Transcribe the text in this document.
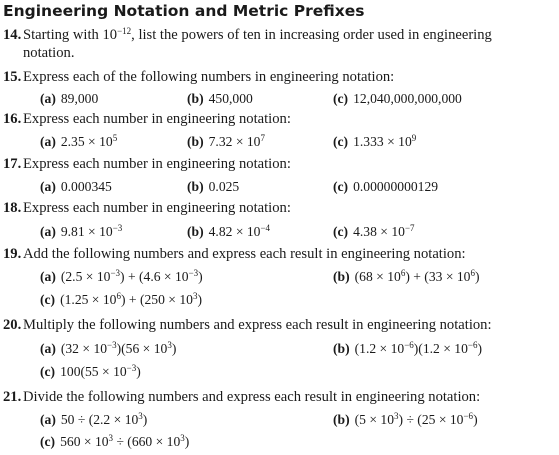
Engineering Notation and Metric Prefixes
14. Starting with $10^{-12}$, list the powers of ten in increasing order used in engineering
notation.
15. Express each of the following numbers in engineering notation:
(a) 89,000	(b) 450,000	(c) 12,040,000,000,000
16. Express each number in engineering notation:
(a) $2.35 \times 10^5$	(b) $7.32 \times 10^7$	(c) $1.333 \times 10^9$
17. Express each number in engineering notation:
(a) 0.000345	(b) 0.025	(c) 0.00000000129
18. Express each number in engineering notation:
(a) $9.81 \times 10^{-3}$	(b) $4.82 \times 10^{-4}$	(c) $4.38 \times 10^{-7}$
19. Add the following numbers and express each result in engineering notation:
(a) $(2.5 \times 10^{-3}) + (4.6 \times 10^{-3})$	(b) $(68 \times 10^6) + (33 \times 10^6)$
(c) $(1.25 \times 10^6) + (250 \times 10^3)$
20. Multiply the following numbers and express each result in engineering notation:
(a) $(32 \times 10^{-3})(56 \times 10^3)$	(b) $(1.2 \times 10^{-6})(1.2 \times 10^{-6})$
(c) $100(55 \times 10^{-3})$
21. Divide the following numbers and express each result in engineering notation:
(a) $50 \div (2.2 \times 10^3)$	(b) $(5 \times 10^3) \div (25 \times 10^{-6})$
(c) $560 \times 10^3 \div (660 \times 10^3)$
